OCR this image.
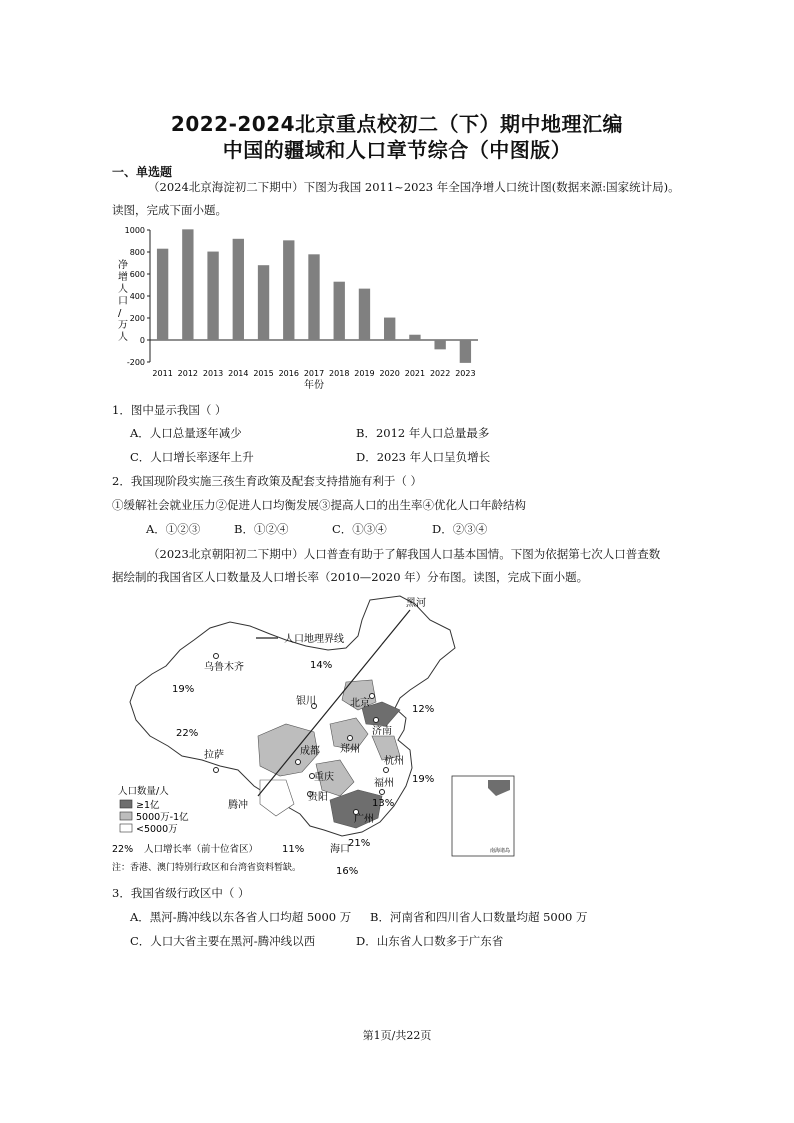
2022-2024北京重点校初二（下）期中地理汇编
中国的疆域和人口章节综合（中图版）
一、单选题
（2024北京海淀初二下期中）下图为我国 2011~2023 年全国净增人口统计图(数据来源:国家统计局)。
读图，完成下面小题。
净增人口/万人
1000
800
600
400
200
0
-200
2011 2012 2013 2014 2015 2016 2017 2018 2019 2020 2021 2022 2023
年份
1．图中显示我国（ ）
A．人口总量逐年减少	B．2012 年人口总量最多
C．人口增长率逐年上升	D．2023 年人口呈负增长
2．我国现阶段实施三孩生育政策及配套支持措施有利于（ ）
①缓解社会就业压力②促进人口均衡发展③提高人口的出生率④优化人口年龄结构
A．①②③	B．①②④	C．①③④	D．②③④
（2023北京朝阳初二下期中）人口普查有助于了解我国人口基本国情。下图为依据第七次人口普查数
据绘制的我国省区人口数量及人口增长率（2010—2020 年）分布图。读图，完成下面小题。
人口地理界线
黑河
乌鲁木齐
银川	北京
济南
郑州
拉萨	成都
重庆
贵阳
腾冲
杭州
福州
广州
海口
14%
19%
22%
12%
19%
13%
11%
21%
16%
人口数量/人
≥1亿
5000万-1亿
<5000万
22% 人口增长率（前十位省区）
注：香港、澳门特别行政区和台湾省资料暂缺。
南海诸岛
3．我国省级行政区中（ ）
A．黑河-腾冲线以东各省人口均超 5000 万 B．河南省和四川省人口数量均超 5000 万
C．人口大省主要在黑河-腾冲线以西	D．山东省人口数多于广东省
第1页/共22页
